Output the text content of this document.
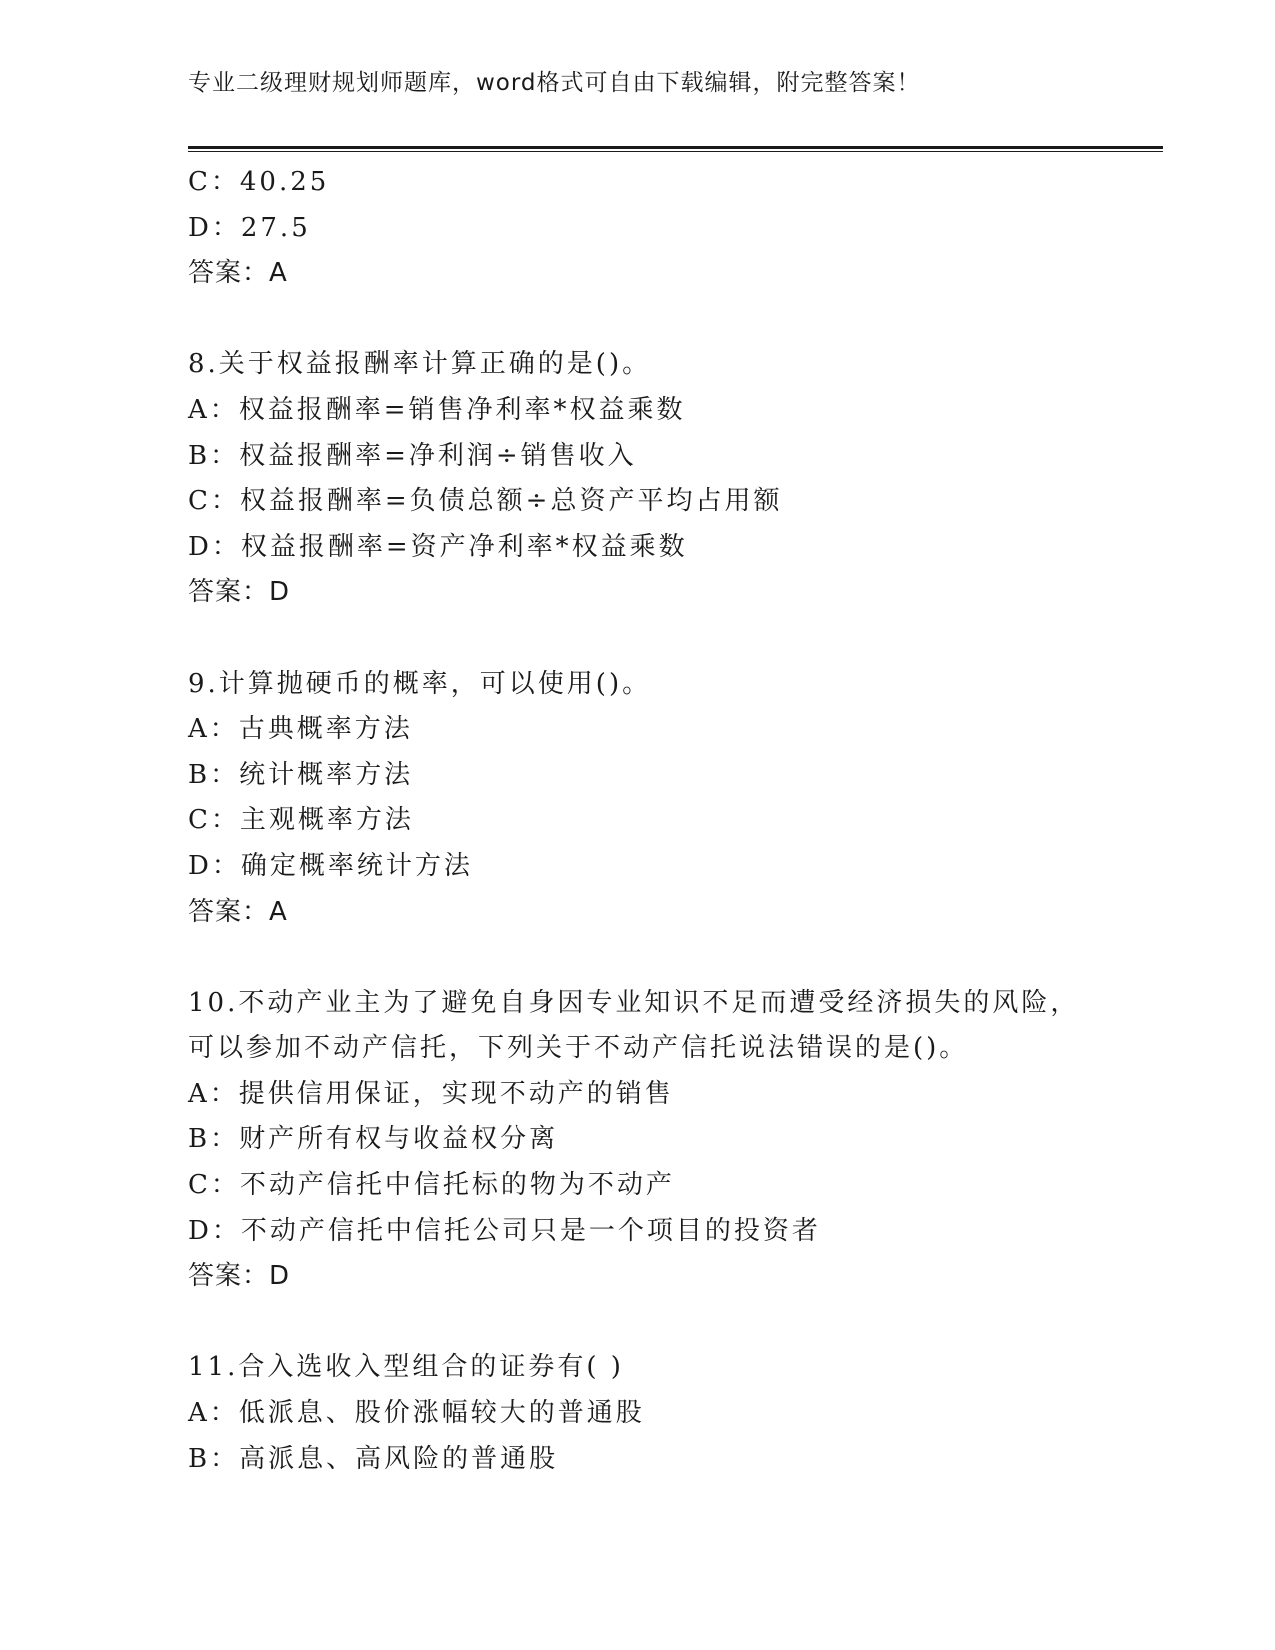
专业二级理财规划师题库，word格式可自由下载编辑，附完整答案！
C：40.25
D：27.5
答案：A
8.关于权益报酬率计算正确的是()。
A：权益报酬率=销售净利率*权益乘数
B：权益报酬率=净利润÷销售收入
C：权益报酬率=负债总额÷总资产平均占用额
D：权益报酬率=资产净利率*权益乘数
答案：D
9.计算抛硬币的概率，可以使用()。
A：古典概率方法
B：统计概率方法
C：主观概率方法
D：确定概率统计方法
答案：A
10.不动产业主为了避免自身因专业知识不足而遭受经济损失的风险，
可以参加不动产信托，下列关于不动产信托说法错误的是()。
A：提供信用保证，实现不动产的销售
B：财产所有权与收益权分离
C：不动产信托中信托标的物为不动产
D：不动产信托中信托公司只是一个项目的投资者
答案：D
11.合入选收入型组合的证券有( )
A：低派息、股价涨幅较大的普通股
B：高派息、高风险的普通股
